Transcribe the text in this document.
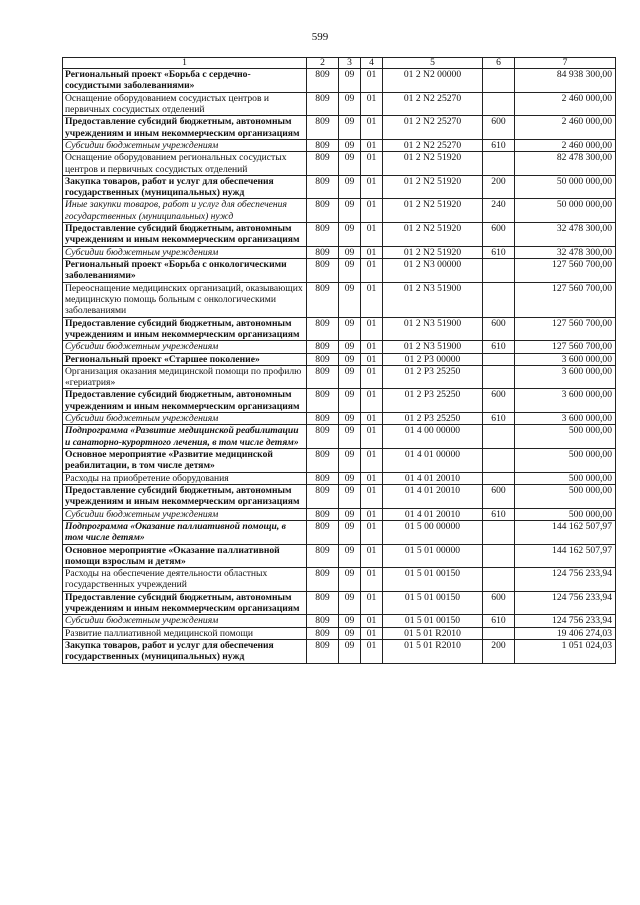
599
1	2	3	4	5	6	7
Региональный проект «Борьба с сердечно-сосудистыми заболеваниями»	809	09	01	01 2 N2 00000		84 938 300,00
Оснащение оборудованием сосудистых центров и первичных сосудистых отделений	809	09	01	01 2 N2 25270		2 460 000,00
Предоставление субсидий бюджетным, автономным учреждениям и иным некоммерческим организациям	809	09	01	01 2 N2 25270	600	2 460 000,00
Субсидии бюджетным учреждениям	809	09	01	01 2 N2 25270	610	2 460 000,00
Оснащение оборудованием региональных сосудистых центров и первичных сосудистых отделений	809	09	01	01 2 N2 51920		82 478 300,00
Закупка товаров, работ и услуг для обеспечения государственных (муниципальных) нужд	809	09	01	01 2 N2 51920	200	50 000 000,00
Иные закупки товаров, работ и услуг для обеспечения государственных (муниципальных) нужд	809	09	01	01 2 N2 51920	240	50 000 000,00
Предоставление субсидий бюджетным, автономным учреждениям и иным некоммерческим организациям	809	09	01	01 2 N2 51920	600	32 478 300,00
Субсидии бюджетным учреждениям	809	09	01	01 2 N2 51920	610	32 478 300,00
Региональный проект «Борьба с онкологическими заболеваниями»	809	09	01	01 2 N3 00000		127 560 700,00
Переоснащение медицинских организаций, оказывающих медицинскую помощь больным с онкологическими заболеваниями	809	09	01	01 2 N3 51900		127 560 700,00
Предоставление субсидий бюджетным, автономным учреждениям и иным некоммерческим организациям	809	09	01	01 2 N3 51900	600	127 560 700,00
Субсидии бюджетным учреждениям	809	09	01	01 2 N3 51900	610	127 560 700,00
Региональный проект «Старшее поколение»	809	09	01	01 2 P3 00000		3 600 000,00
Организация оказания медицинской помощи по профилю «гериатрия»	809	09	01	01 2 P3 25250		3 600 000,00
Предоставление субсидий бюджетным, автономным учреждениям и иным некоммерческим организациям	809	09	01	01 2 P3 25250	600	3 600 000,00
Субсидии бюджетным учреждениям	809	09	01	01 2 P3 25250	610	3 600 000,00
Подпрограмма «Развитие медицинской реабилитации и санаторно-курортного лечения, в том числе детям»	809	09	01	01 4 00 00000		500 000,00
Основное мероприятие «Развитие медицинской реабилитации, в том числе детям»	809	09	01	01 4 01 00000		500 000,00
Расходы на приобретение оборудования	809	09	01	01 4 01 20010		500 000,00
Предоставление субсидий бюджетным, автономным учреждениям и иным некоммерческим организациям	809	09	01	01 4 01 20010	600	500 000,00
Субсидии бюджетным учреждениям	809	09	01	01 4 01 20010	610	500 000,00
Подпрограмма «Оказание паллиативной помощи, в том числе детям»	809	09	01	01 5 00 00000		144 162 507,97
Основное мероприятие «Оказание паллиативной помощи взрослым и детям»	809	09	01	01 5 01 00000		144 162 507,97
Расходы на обеспечение деятельности областных государственных учреждений	809	09	01	01 5 01 00150		124 756 233,94
Предоставление субсидий бюджетным, автономным учреждениям и иным некоммерческим организациям	809	09	01	01 5 01 00150	600	124 756 233,94
Субсидии бюджетным учреждениям	809	09	01	01 5 01 00150	610	124 756 233,94
Развитие паллиативной медицинской помощи	809	09	01	01 5 01 R2010		19 406 274,03
Закупка товаров, работ и услуг для обеспечения государственных (муниципальных) нужд	809	09	01	01 5 01 R2010	200	1 051 024,03
